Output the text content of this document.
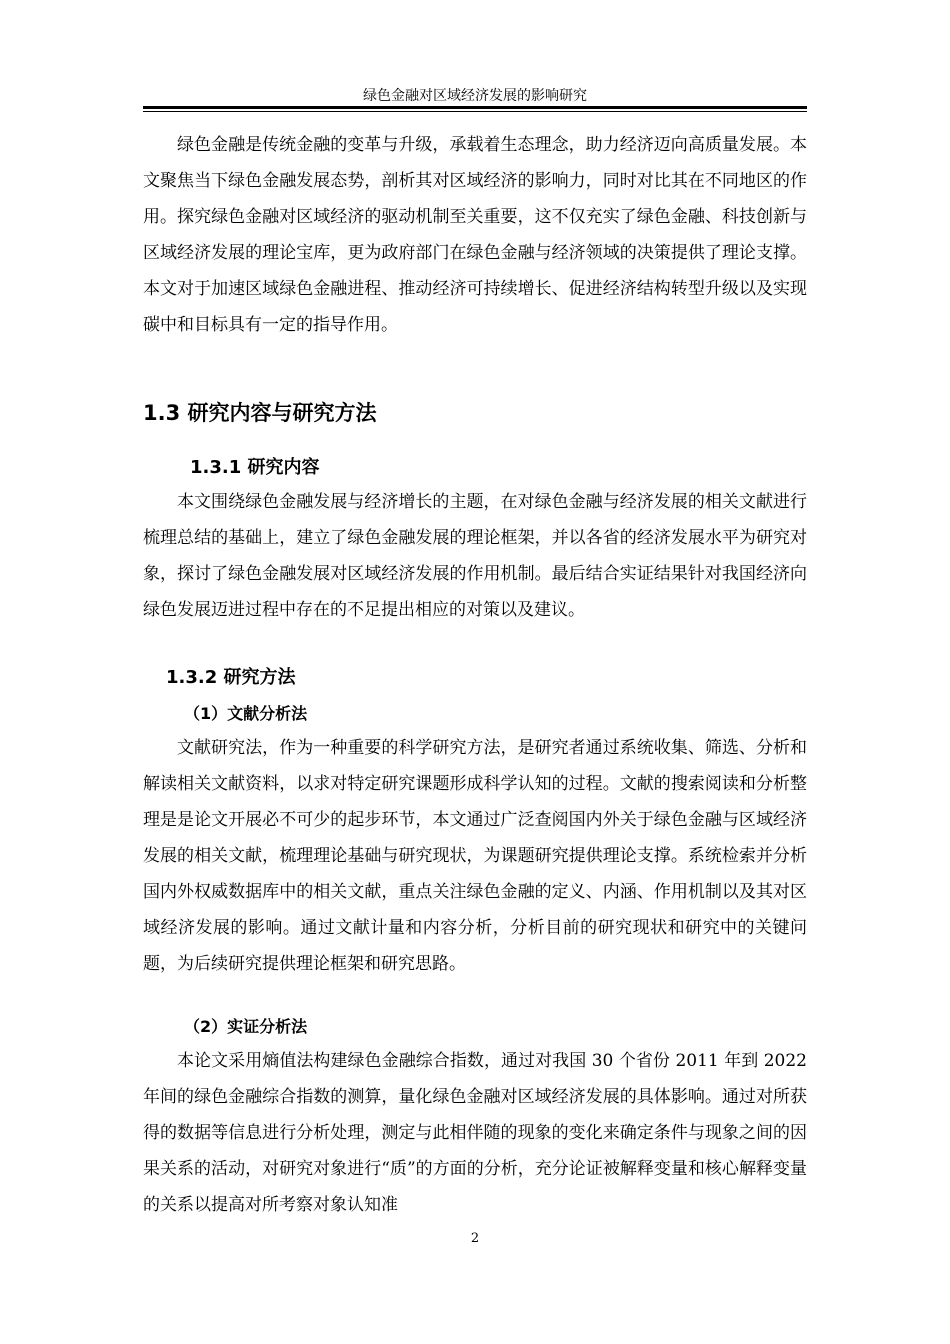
绿色金融对区域经济发展的影响研究

绿色金融是传统金融的变革与升级，承载着生态理念，助力经济迈向高质量发展。本文聚焦当下绿色金融发展态势，剖析其对区域经济的影响力，同时对比其在不同地区的作用。探究绿色金融对区域经济的驱动机制至关重要，这不仅充实了绿色金融、科技创新与区域经济发展的理论宝库，更为政府部门在绿色金融与经济领域的决策提供了理论支撑。本文对于加速区域绿色金融进程、推动经济可持续增长、促进经济结构转型升级以及实现碳中和目标具有一定的指导作用。

1.3 研究内容与研究方法
1.3.1 研究内容

本文围绕绿色金融发展与经济增长的主题，在对绿色金融与经济发展的相关文献进行梳理总结的基础上，建立了绿色金融发展的理论框架，并以各省的经济发展水平为研究对象，探讨了绿色金融发展对区域经济发展的作用机制。最后结合实证结果针对我国经济向绿色发展迈进过程中存在的不足提出相应的对策以及建议。

1.3.2 研究方法
（1）文献分析法

文献研究法，作为一种重要的科学研究方法，是研究者通过系统收集、筛选、分析和解读相关文献资料，以求对特定研究课题形成科学认知的过程。文献的搜索阅读和分析整理是是论文开展必不可少的起步环节，本文通过广泛查阅国内外关于绿色金融与区域经济发展的相关文献，梳理理论基础与研究现状，为课题研究提供理论支撑。系统检索并分析国内外权威数据库中的相关文献，重点关注绿色金融的定义、内涵、作用机制以及其对区域经济发展的影响。通过文献计量和内容分析，分析目前的研究现状和研究中的关键问题，为后续研究提供理论框架和研究思路。

（2）实证分析法

本论文采用熵值法构建绿色金融综合指数，通过对我国 30 个省份 2011 年到 2022 年间的绿色金融综合指数的测算，量化绿色金融对区域经济发展的具体影响。通过对所获得的数据等信息进行分析处理，测定与此相伴随的现象的变化来确定条件与现象之间的因果关系的活动，对研究对象进行“质”的方面的分析，充分论证被解释变量和核心解释变量的关系以提高对所考察对象认知准

2
